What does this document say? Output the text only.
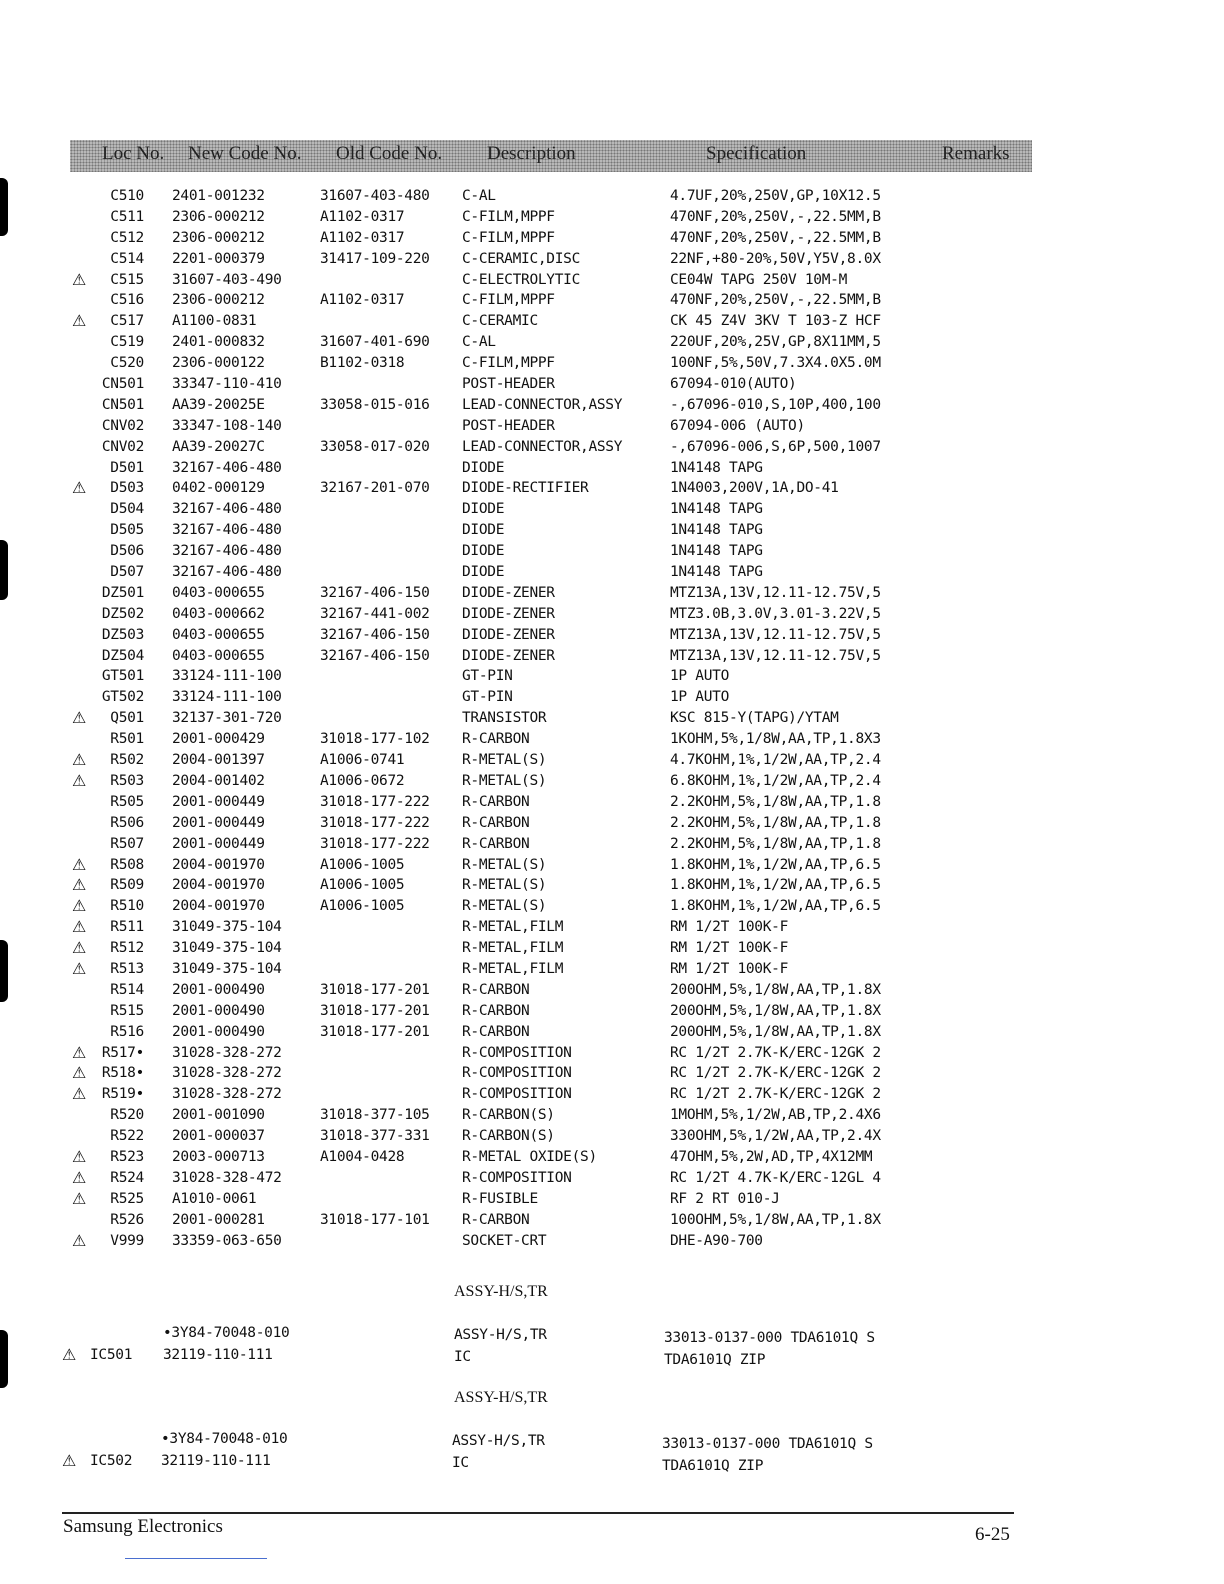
Loc No. New Code No. Old Code No. Description	Specification	Remarks
C510 2401-001232	31607-403-480 C-AL	4.7UF,20%,250V,GP,10X12.5
C511 2306-000212	A1102-0317	C-FILM,MPPF	470NF,20%,250V,-,22.5MM,B
C512 2306-000212	A1102-0317	C-FILM,MPPF	470NF,20%,250V,-,22.5MM,B
C514 2201-000379	31417-109-220 C-CERAMIC,DISC	22NF,+80-20%,50V,Y5V,8.0X
⚠	C515 31607-403-490	C-ELECTROLYTIC	CE04W TAPG 250V 10M-M
C516 2306-000212	A1102-0317	C-FILM,MPPF	470NF,20%,250V,-,22.5MM,B
⚠	C517 A1100-0831	C-CERAMIC	CK 45 Z4V 3KV T 103-Z HCF
C519 2401-000832	31607-401-690 C-AL	220UF,20%,25V,GP,8X11MM,5
C520 2306-000122	B1102-0318	C-FILM,MPPF	100NF,5%,50V,7.3X4.0X5.0M
CN501 33347-110-410	POST-HEADER	67094-010(AUTO)
CN501 AA39-20025E	33058-015-016 LEAD-CONNECTOR,ASSY	-,67096-010,S,10P,400,100
CNV02 33347-108-140	POST-HEADER	67094-006 (AUTO)
CNV02 AA39-20027C	33058-017-020 LEAD-CONNECTOR,ASSY	-,67096-006,S,6P,500,1007
D501 32167-406-480	DIODE	1N4148 TAPG
⚠	D503 0402-000129	32167-201-070 DIODE-RECTIFIER	1N4003,200V,1A,DO-41
D504 32167-406-480	DIODE	1N4148 TAPG
D505 32167-406-480	DIODE	1N4148 TAPG
D506 32167-406-480	DIODE	1N4148 TAPG
D507 32167-406-480	DIODE	1N4148 TAPG
DZ501 0403-000655	32167-406-150 DIODE-ZENER	MTZ13A,13V,12.11-12.75V,5
DZ502 0403-000662	32167-441-002 DIODE-ZENER	MTZ3.0B,3.0V,3.01-3.22V,5
DZ503 0403-000655	32167-406-150 DIODE-ZENER	MTZ13A,13V,12.11-12.75V,5
DZ504 0403-000655	32167-406-150 DIODE-ZENER	MTZ13A,13V,12.11-12.75V,5
GT501 33124-111-100	GT-PIN	1P AUTO
GT502 33124-111-100	GT-PIN	1P AUTO
⚠	Q501 32137-301-720	TRANSISTOR	KSC 815-Y(TAPG)/YTAM
R501 2001-000429	31018-177-102 R-CARBON	1KOHM,5%,1/8W,AA,TP,1.8X3
⚠	R502 2004-001397	A1006-0741	R-METAL(S)	4.7KOHM,1%,1/2W,AA,TP,2.4
⚠	R503 2004-001402	A1006-0672	R-METAL(S)	6.8KOHM,1%,1/2W,AA,TP,2.4
R505 2001-000449	31018-177-222 R-CARBON	2.2KOHM,5%,1/8W,AA,TP,1.8
R506 2001-000449	31018-177-222 R-CARBON	2.2KOHM,5%,1/8W,AA,TP,1.8
R507 2001-000449	31018-177-222 R-CARBON	2.2KOHM,5%,1/8W,AA,TP,1.8
⚠	R508 2004-001970	A1006-1005	R-METAL(S)	1.8KOHM,1%,1/2W,AA,TP,6.5
⚠	R509 2004-001970	A1006-1005	R-METAL(S)	1.8KOHM,1%,1/2W,AA,TP,6.5
⚠	R510 2004-001970	A1006-1005	R-METAL(S)	1.8KOHM,1%,1/2W,AA,TP,6.5
⚠	R511 31049-375-104	R-METAL,FILM	RM 1/2T 100K-F
⚠	R512 31049-375-104	R-METAL,FILM	RM 1/2T 100K-F
⚠	R513 31049-375-104	R-METAL,FILM	RM 1/2T 100K-F
R514 2001-000490	31018-177-201 R-CARBON	200OHM,5%,1/8W,AA,TP,1.8X
R515 2001-000490	31018-177-201 R-CARBON	200OHM,5%,1/8W,AA,TP,1.8X
R516 2001-000490	31018-177-201 R-CARBON	200OHM,5%,1/8W,AA,TP,1.8X
⚠	R517• 31028-328-272	R-COMPOSITION	RC 1/2T 2.7K-K/ERC-12GK 2
⚠	R518• 31028-328-272	R-COMPOSITION	RC 1/2T 2.7K-K/ERC-12GK 2
⚠	R519• 31028-328-272	R-COMPOSITION	RC 1/2T 2.7K-K/ERC-12GK 2
R520 2001-001090	31018-377-105 R-CARBON(S)	1MOHM,5%,1/2W,AB,TP,2.4X6
R522 2001-000037	31018-377-331 R-CARBON(S)	330OHM,5%,1/2W,AA,TP,2.4X
⚠	R523 2003-000713	A1004-0428	R-METAL OXIDE(S)	47OHM,5%,2W,AD,TP,4X12MM
⚠	R524 31028-328-472	R-COMPOSITION	RC 1/2T 4.7K-K/ERC-12GL 4
⚠	R525 A1010-0061	R-FUSIBLE	RF 2 RT 010-J
R526 2001-000281	31018-177-101 R-CARBON	100OHM,5%,1/8W,AA,TP,1.8X
⚠	V999 33359-063-650	SOCKET-CRT	DHE-A90-700
ASSY-H/S,TR
•3Y84-70048-010	ASSY-H/S,TR	33013-0137-000 TDA6101Q S
⚠ IC501 32119-110-111	IC	TDA6101Q ZIP
ASSY-H/S,TR
•3Y84-70048-010	ASSY-H/S,TR	33013-0137-000 TDA6101Q S
⚠ IC502 32119-110-111	IC	TDA6101Q ZIP
Samsung Electronics	6-25
